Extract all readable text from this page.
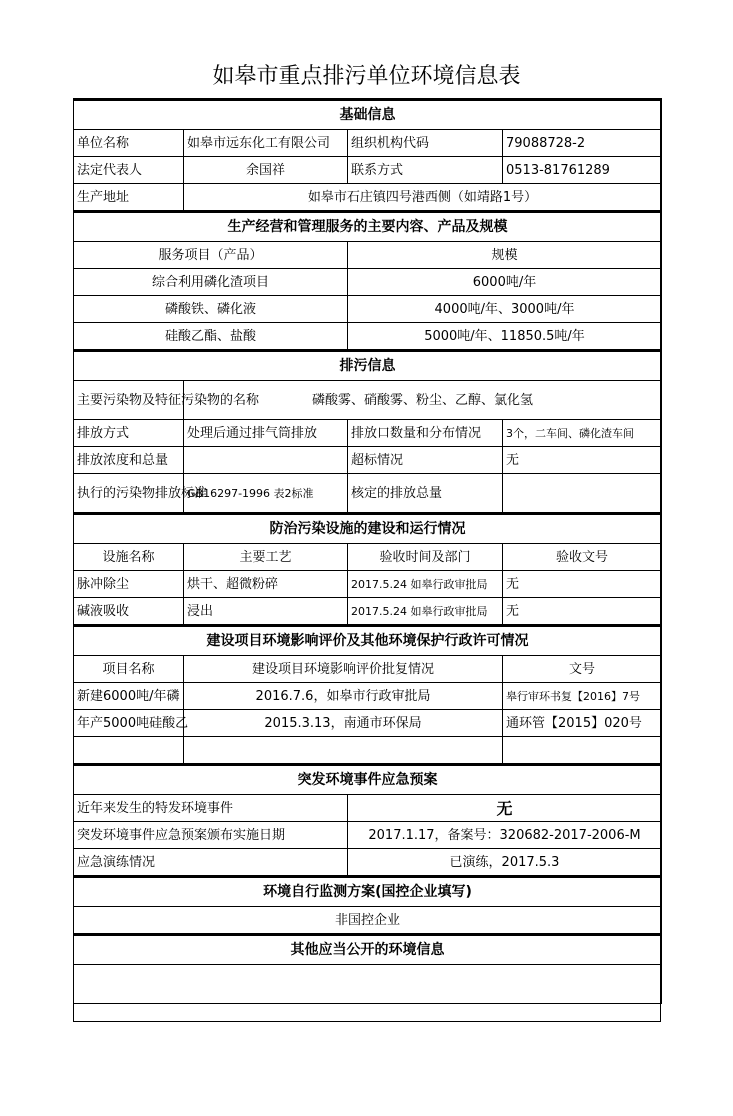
如皋市重点排污单位环境信息表
基础信息			
单位名称	如皋市远东化工有限公司	组织机构代码	79088728-2
法定代表人	余国祥	联系方式	0513-81761289
生产地址	如皋市石庄镇四号港西侧（如靖路1号）		
生产经营和管理服务的主要内容、产品及规模			
服务项目（产品）		规模	
综合利用磷化渣项目		6000吨/年	
磷酸铁、磷化液		4000吨/年、3000吨/年	
硅酸乙酯、盐酸		5000吨/年、11850.5吨/年	
排污信息			
主要污染物及特征污染物的名称	磷酸雾、硝酸雾、粉尘、乙醇、氯化氢		
排放方式	处理后通过排气筒排放	排放口数量和分布情况	3个，二车间、磷化渣车间
排放浓度和总量		超标情况	无
执行的污染物排放标准	GB16297-1996 表2标准	核定的排放总量	
防治污染设施的建设和运行情况			
设施名称	主要工艺	验收时间及部门	验收文号
脉冲除尘	烘干、超微粉碎	2017.5.24 如皋行政审批局	无
碱液吸收	浸出	2017.5.24 如皋行政审批局	无
建设项目环境影响评价及其他环境保护行政许可情况			
项目名称	建设项目环境影响评价批复情况		文号
新建6000吨/年磷	2016.7.6，如皋市行政审批局		皋行审环书复【2016】7号
年产5000吨硅酸乙	2015.3.13，南通市环保局		通环管【2015】020号

突发环境事件应急预案			
近年来发生的特发环境事件		无	
突发环境事件应急预案颁布实施日期		2017.1.17，备案号：320682-2017-2006-M	
应急演练情况		已演练，2017.5.3	
环境自行监测方案(国控企业填写)			
非国控企业			
其他应当公开的环境信息			
